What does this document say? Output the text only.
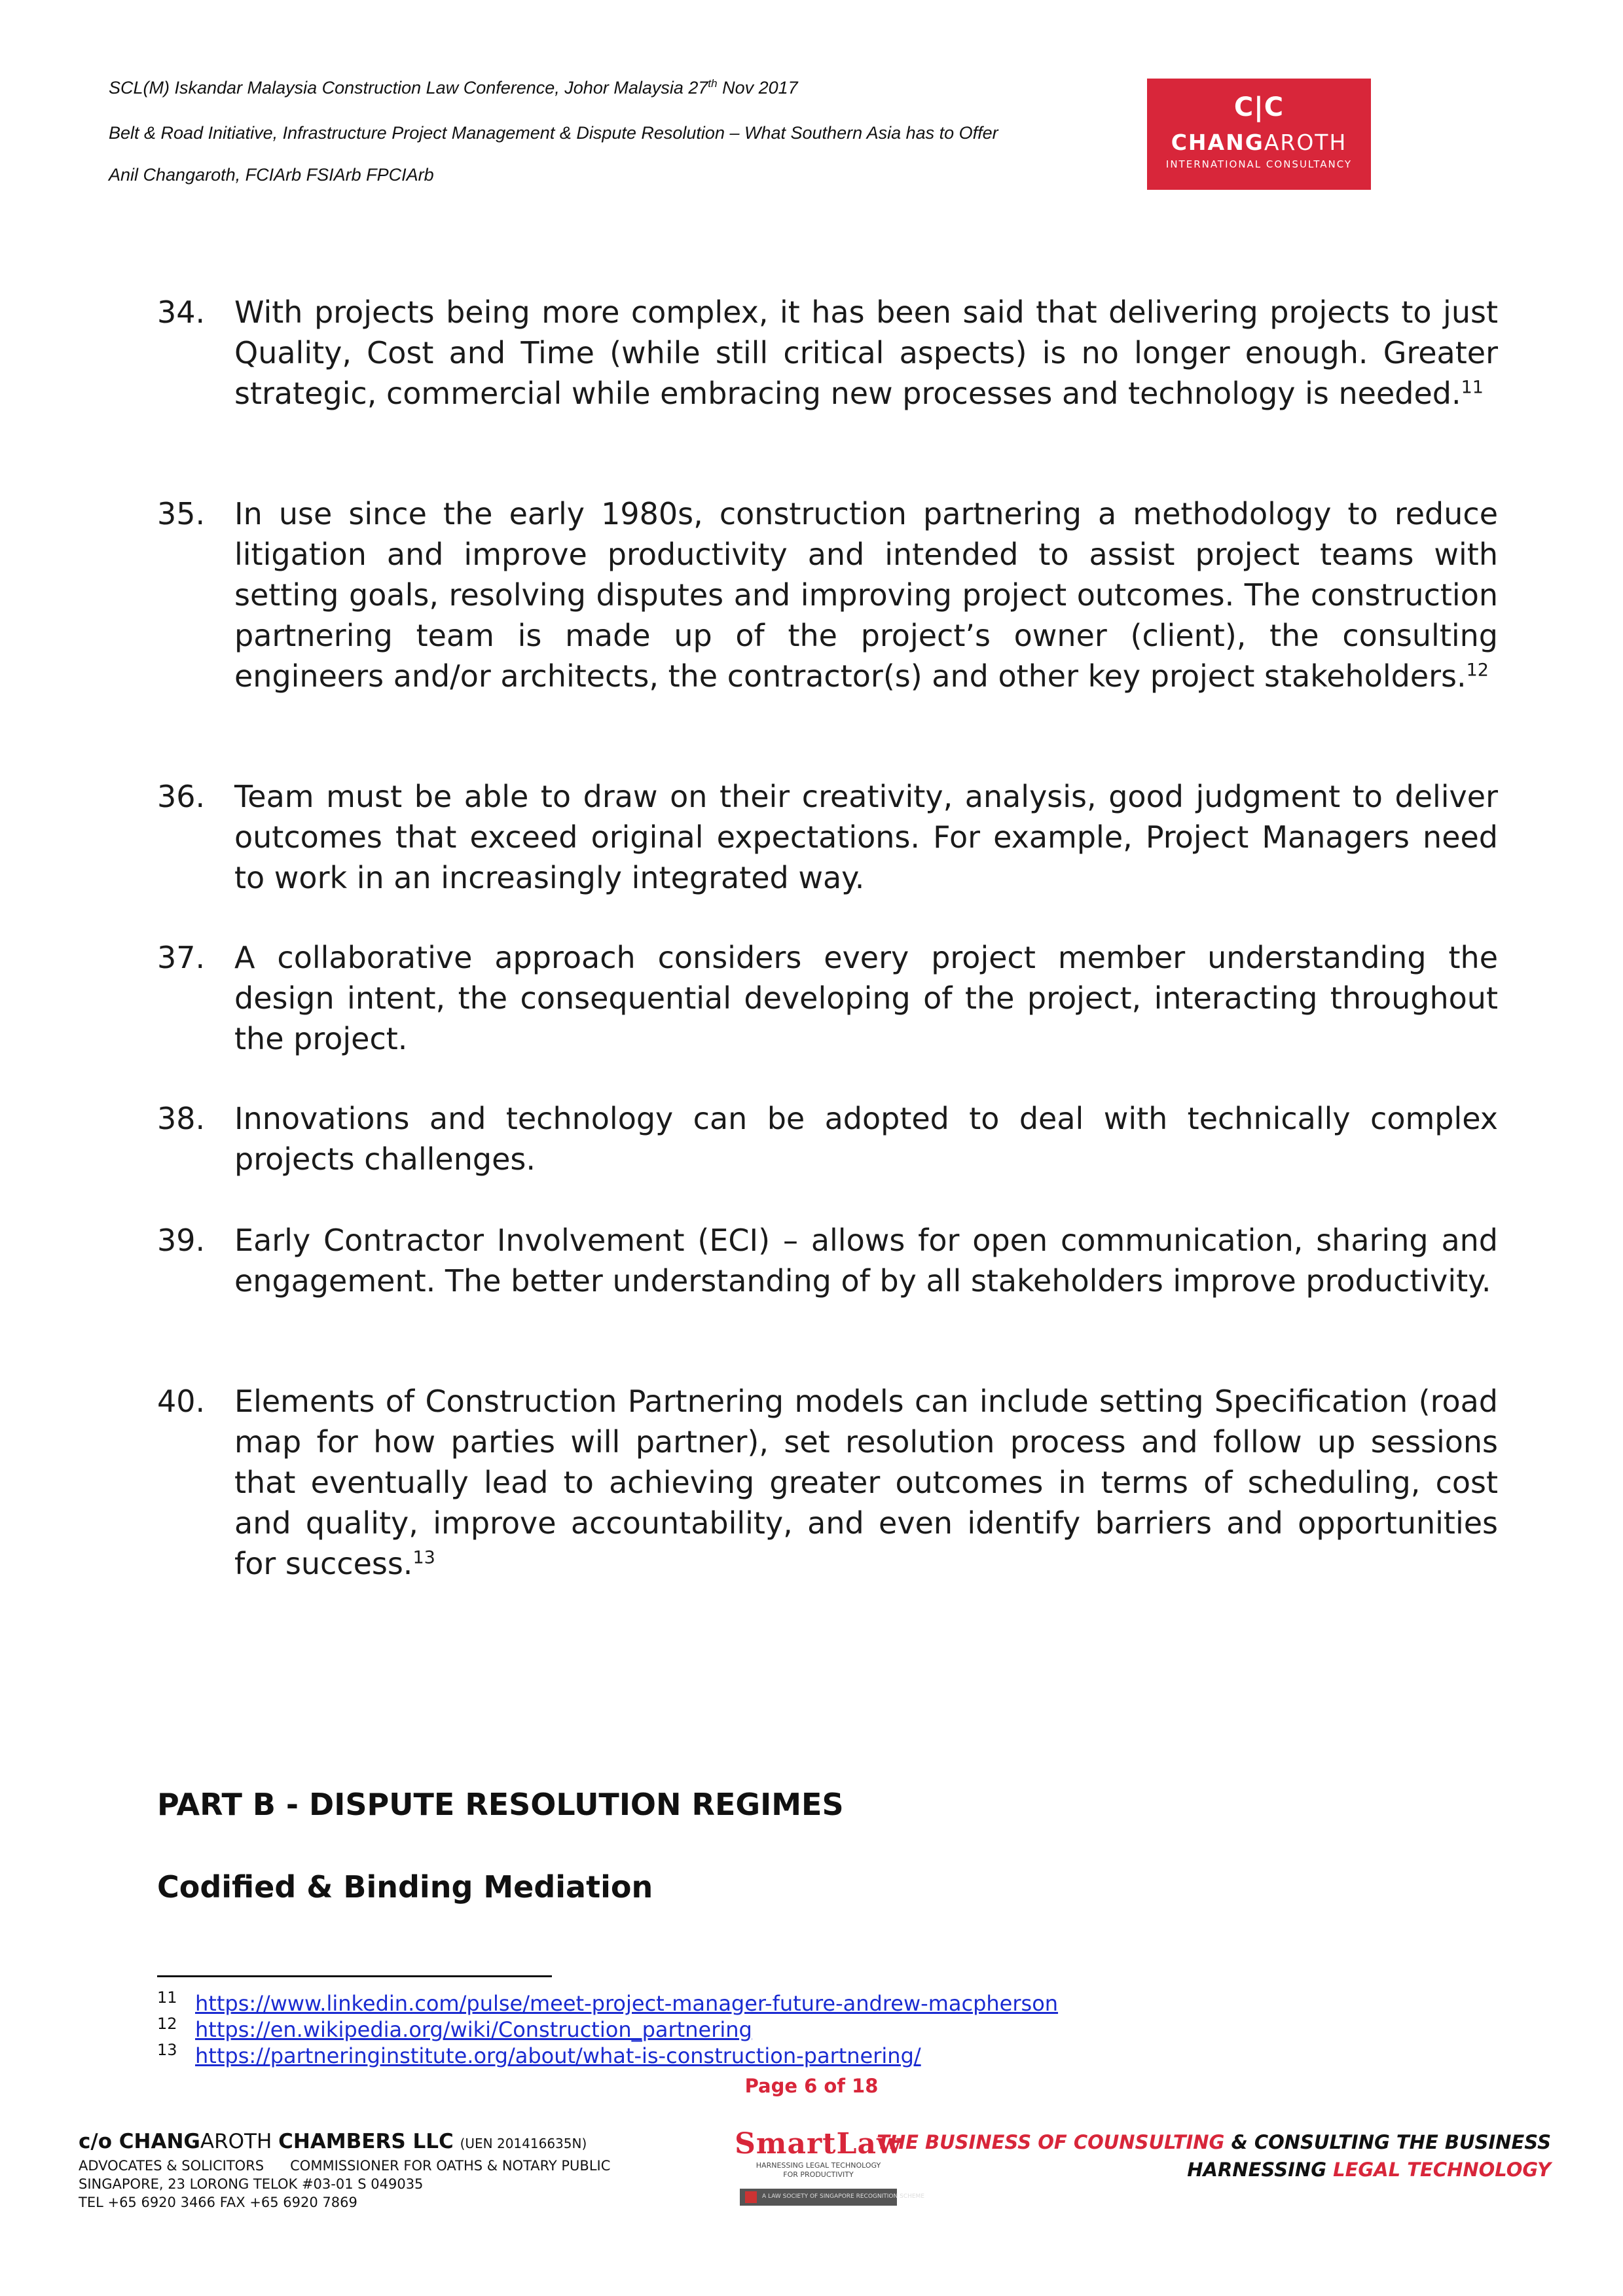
SCL(M) Iskandar Malaysia Construction Law Conference, Johor Malaysia 27th Nov 2017
Belt & Road Initiative, Infrastructure Project Management & Dispute Resolution – What Southern Asia has to Offer
Anil Changaroth, FCIArb FSIArb FPCIArb
C|C
CHANGAROTH
INTERNATIONAL CONSULTANCY
34. With projects being more complex, it has been said that delivering projects to just Quality, Cost and Time (while still critical aspects) is no longer enough. Greater strategic, commercial while embracing new processes and technology is needed.$^{11}$
35. In use since the early 1980s, construction partnering a methodology to reduce litigation and improve productivity and intended to assist project teams with setting goals, resolving disputes and improving project outcomes. The construction partnering team is made up of the project’s owner (client), the consulting engineers and/or architects, the contractor(s) and other key project stakeholders.$^{12}$
36. Team must be able to draw on their creativity, analysis, good judgment to deliver outcomes that exceed original expectations. For example, Project Managers need to work in an increasingly integrated way.
37. A collaborative approach considers every project member understanding the design intent, the consequential developing of the project, interacting throughout the project.
38. Innovations and technology can be adopted to deal with technically complex projects challenges.
39. Early Contractor Involvement (ECI) – allows for open communication, sharing and engagement. The better understanding of by all stakeholders improve productivity.
40. Elements of Construction Partnering models can include setting Specification (road map for how parties will partner), set resolution process and follow up sessions that eventually lead to achieving greater outcomes in terms of scheduling, cost and quality, improve accountability, and even identify barriers and opportunities for success.$^{13}$
PART B - DISPUTE RESOLUTION REGIMES
Codified & Binding Mediation
11 https://www.linkedin.com/pulse/meet-project-manager-future-andrew-macpherson
12 https://en.wikipedia.org/wiki/Construction_partnering
13 https://partneringinstitute.org/about/what-is-construction-partnering/
Page 6 of 18
c/o CHANGAROTH CHAMBERS LLC (UEN 201416635N)
ADVOCATES & SOLICITORS COMMISSIONER FOR OATHS & NOTARY PUBLIC
SINGAPORE, 23 LORONG TELOK #03-01 S 049035
TEL +65 6920 3466 FAX +65 6920 7869
SmartLaw
HARNESSING LEGAL TECHNOLOGY
FOR PRODUCTIVITY
A LAW SOCIETY OF SINGAPORE RECOGNITION SCHEME
THE BUSINESS OF COUNSULTING & CONSULTING THE BUSINESS
HARNESSING LEGAL TECHNOLOGY
